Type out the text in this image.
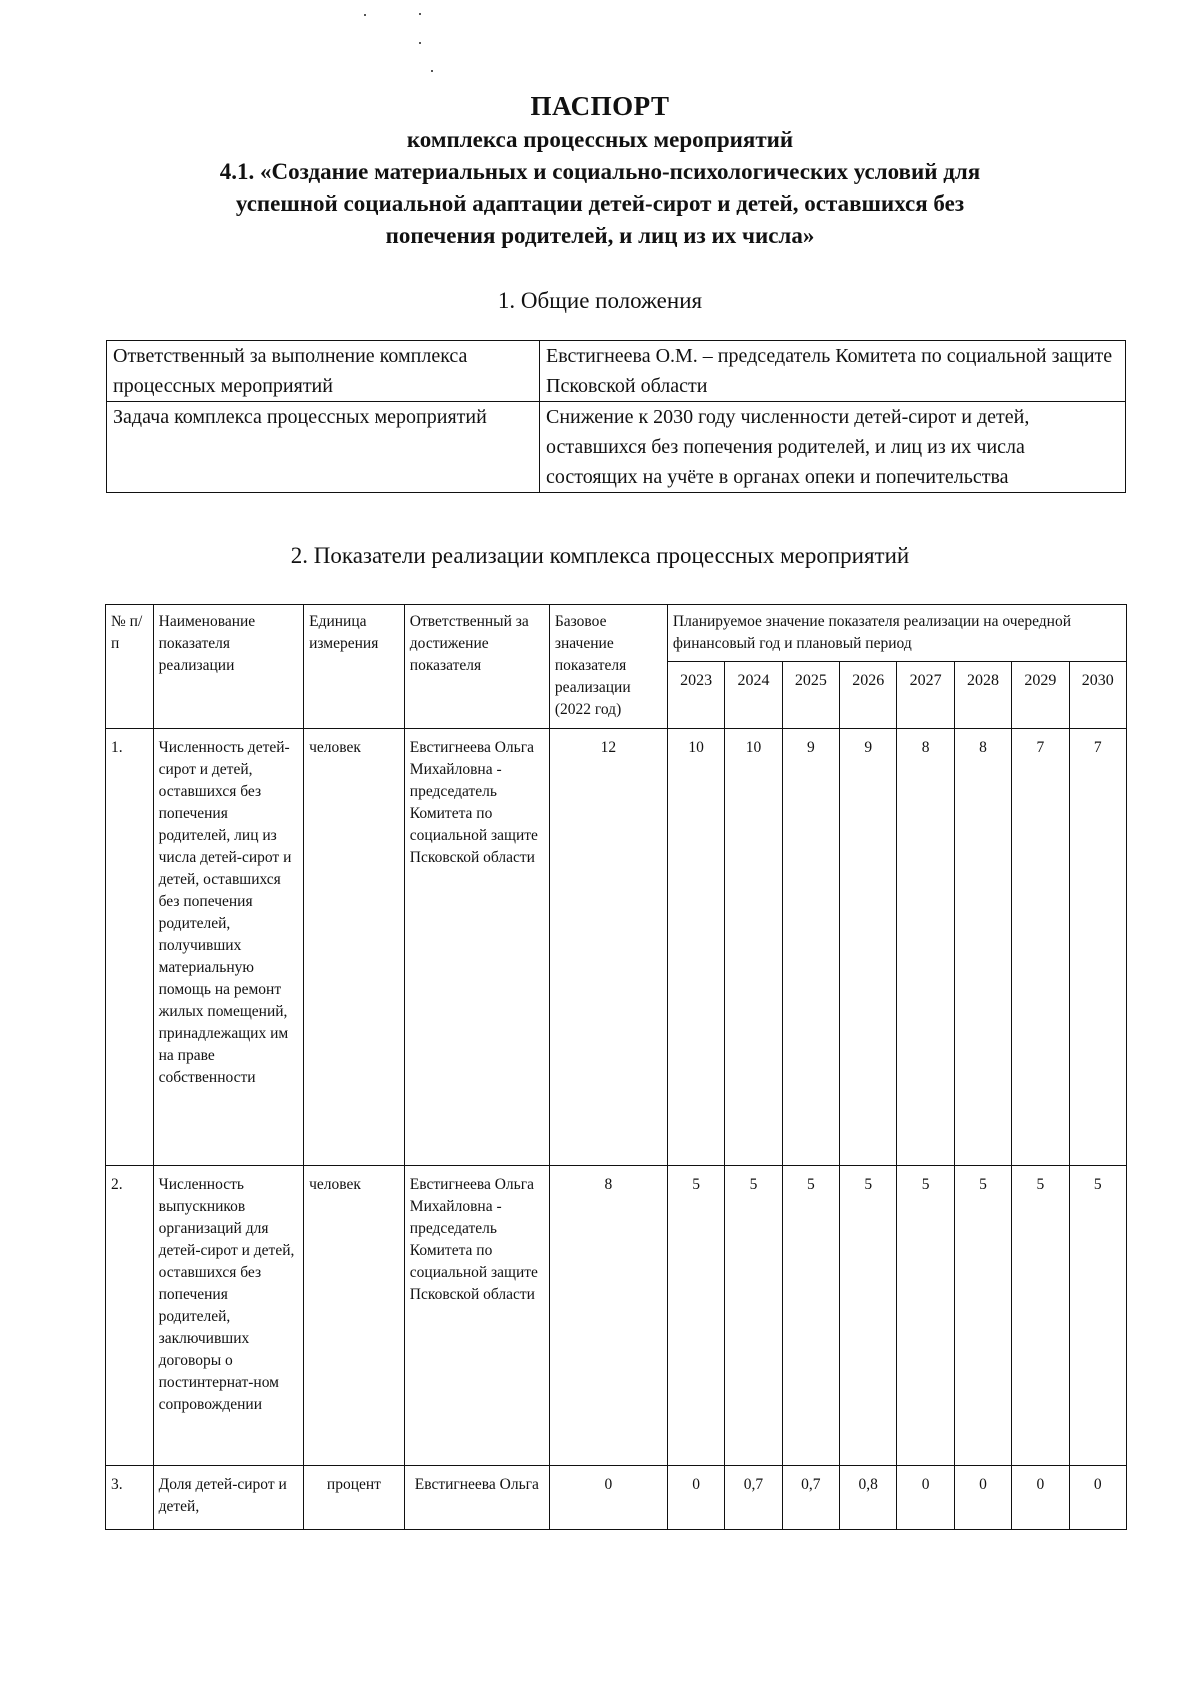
ПАСПОРТ
комплекса процессных мероприятий
4.1. «Создание материальных и социально-психологических условий для
успешной социальной адаптации детей-сирот и детей, оставшихся без
попечения родителей, и лиц из их числа»
1. Общие положения
Ответственный за выполнение комплекса процессных мероприятий	Евстигнеева О.М. – председатель Комитета по социальной защите Псковской области
Задача комплекса процессных мероприятий	Снижение к 2030 году численности детей-сирот и детей, оставшихся без попечения родителей, и лиц из их числа состоящих на учёте в органах опеки и попечительства
2. Показатели реализации комплекса процессных мероприятий
№ п/п	Наименование показателя реализации	Единица измерения	Ответственный за достижение показателя	Базовое значение показателя реализации (2022 год)	Планируемое значение показателя реализации на очередной финансовый год и плановый период							
					2023	2024	2025	2026	2027	2028	2029	2030
1.	Численность детей-сирот и детей, оставшихся без попечения родителей, лиц из числа детей-сирот и детей, оставшихся без попечения родителей, получивших материальную помощь на ремонт жилых помещений, принадлежащих им на праве собственности	человек	Евстигнеева Ольга Михайловна - председатель Комитета по социальной защите Псковской области	12	10	10	9	9	8	8	7	7
2.	Численность выпускников организаций для детей-сирот и детей, оставшихся без попечения родителей, заключивших договоры о постинтернат-ном сопровождении	человек	Евстигнеева Ольга Михайловна - председатель Комитета по социальной защите Псковской области	8	5	5	5	5	5	5	5	5
3.	Доля детей-сирот и детей,	процент	Евстигнеева Ольга	0	0	0,7	0,7	0,8	0	0	0	0
